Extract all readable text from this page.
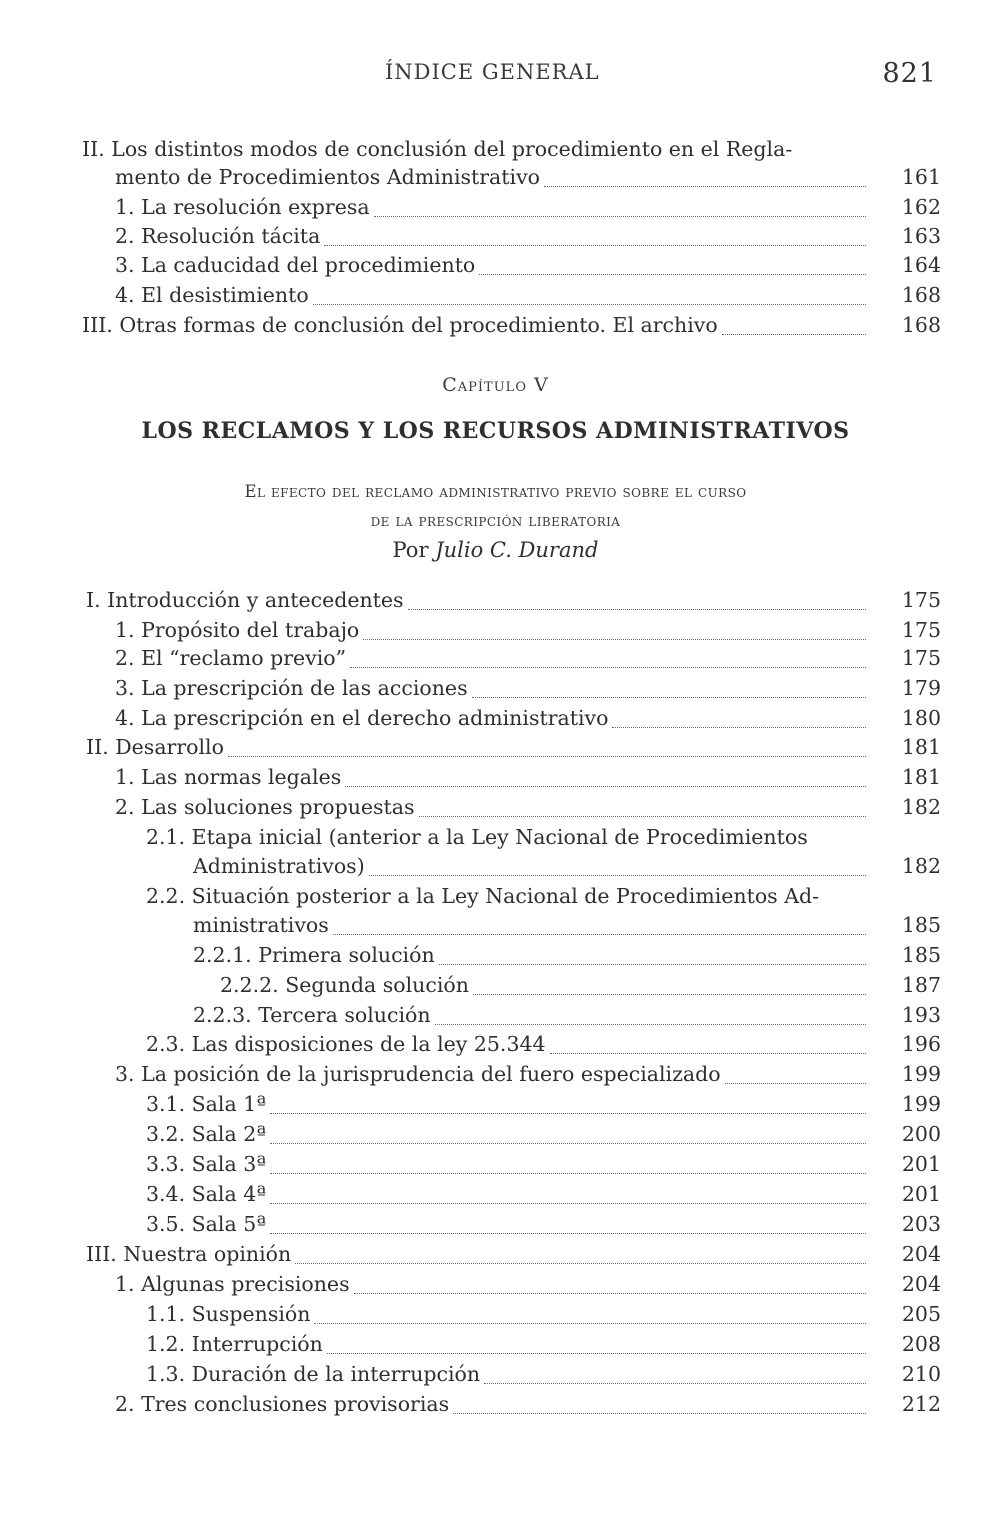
ÍNDICE GENERAL	821
II. Los distintos modos de conclusión del procedimiento en el Regla-
mento de Procedimientos Administrativo	161
1. La resolución expresa	162
2. Resolución tácita	163
3. La caducidad del procedimiento	164
4. El desistimiento	168
III. Otras formas de conclusión del procedimiento. El archivo	168
Capítulo V
LOS RECLAMOS Y LOS RECURSOS ADMINISTRATIVOS
El efecto del reclamo administrativo previo sobre el curso
de la prescripción liberatoria
Por Julio C. Durand
I. Introducción y antecedentes	175
1. Propósito del trabajo	175
2. El “reclamo previo”	175
3. La prescripción de las acciones	179
4. La prescripción en el derecho administrativo	180
II. Desarrollo	181
1. Las normas legales	181
2. Las soluciones propuestas	182
2.1. Etapa inicial (anterior a la Ley Nacional de Procedimientos
Administrativos)	182
2.2. Situación posterior a la Ley Nacional de Procedimientos Ad-
ministrativos	185
2.2.1. Primera solución	185
2.2.2. Segunda solución	187
2.2.3. Tercera solución	193
2.3. Las disposiciones de la ley 25.344	196
3. La posición de la jurisprudencia del fuero especializado	199
3.1. Sala 1ª	199
3.2. Sala 2ª	200
3.3. Sala 3ª	201
3.4. Sala 4ª	201
3.5. Sala 5ª	203
III. Nuestra opinión	204
1. Algunas precisiones	204
1.1. Suspensión	205
1.2. Interrupción	208
1.3. Duración de la interrupción	210
2. Tres conclusiones provisorias	212
